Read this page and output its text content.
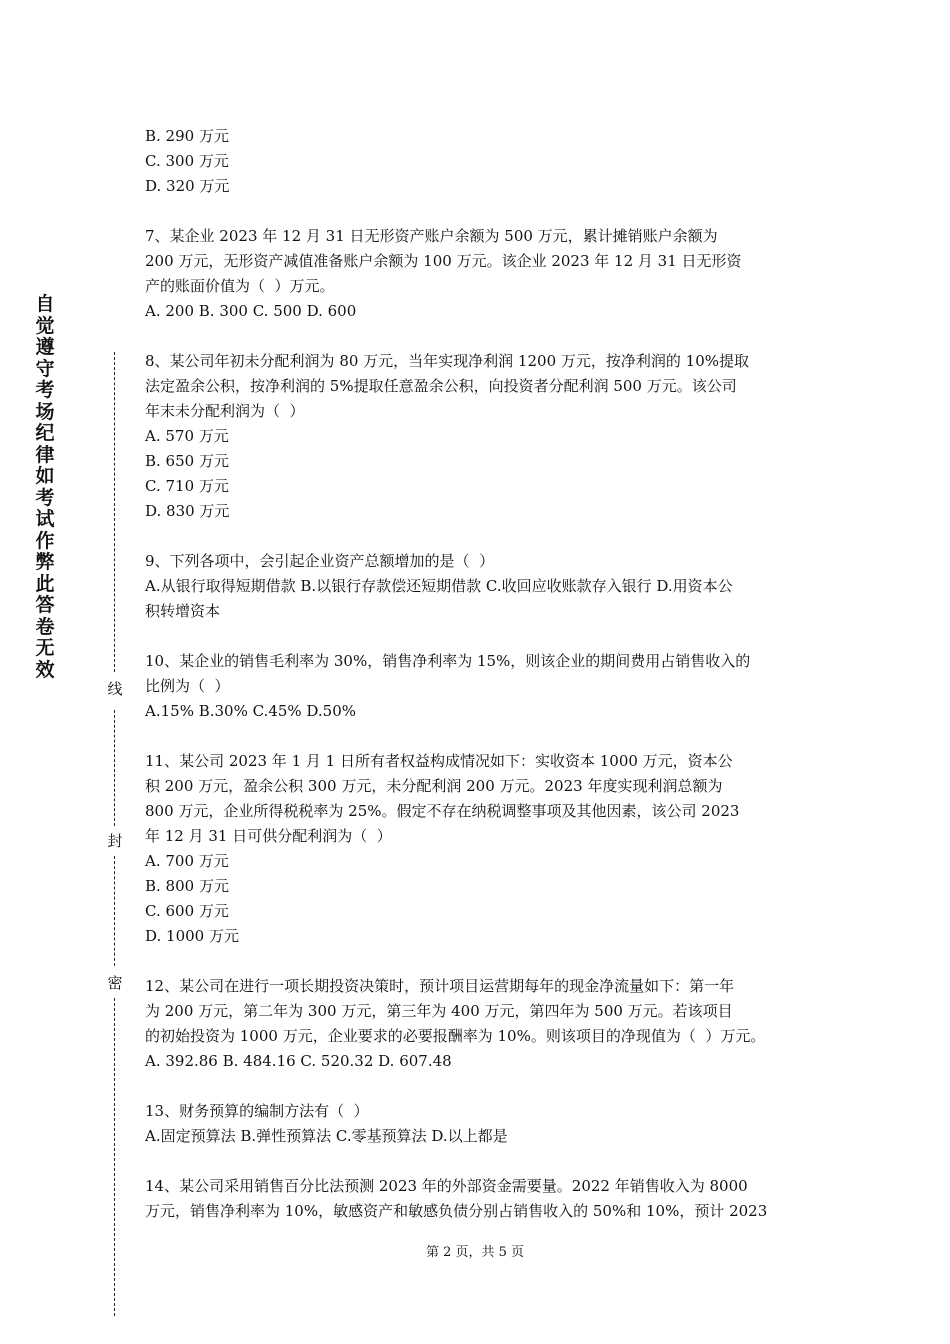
自觉遵守考场纪律如考试作弊此答卷无效
线
封
密
B. 290 万元
C. 300 万元
D. 320 万元
7、某企业 2023 年 12 月 31 日无形资产账户余额为 500 万元，累计摊销账户余额为
200 万元，无形资产减值准备账户余额为 100 万元。该企业 2023 年 12 月 31 日无形资
产的账面价值为（  ）万元。
A. 200 B. 300 C. 500 D. 600
8、某公司年初未分配利润为 80 万元，当年实现净利润 1200 万元，按净利润的 10%提取
法定盈余公积，按净利润的 5%提取任意盈余公积，向投资者分配利润 500 万元。该公司
年末未分配利润为（  ）
A. 570 万元
B. 650 万元
C. 710 万元
D. 830 万元
9、下列各项中，会引起企业资产总额增加的是（  ）
A.从银行取得短期借款 B.以银行存款偿还短期借款 C.收回应收账款存入银行 D.用资本公
积转增资本
10、某企业的销售毛利率为 30%，销售净利率为 15%，则该企业的期间费用占销售收入的
比例为（  ）
A.15% B.30% C.45% D.50%
11、某公司 2023 年 1 月 1 日所有者权益构成情况如下：实收资本 1000 万元，资本公
积 200 万元，盈余公积 300 万元，未分配利润 200 万元。2023 年度实现利润总额为
800 万元，企业所得税税率为 25%。假定不存在纳税调整事项及其他因素，该公司 2023
年 12 月 31 日可供分配利润为（  ）
A. 700 万元
B. 800 万元
C. 600 万元
D. 1000 万元
12、某公司在进行一项长期投资决策时，预计项目运营期每年的现金净流量如下：第一年
为 200 万元，第二年为 300 万元，第三年为 400 万元，第四年为 500 万元。若该项目
的初始投资为 1000 万元，企业要求的必要报酬率为 10%。则该项目的净现值为（  ）万元。
A. 392.86 B. 484.16 C. 520.32 D. 607.48
13、财务预算的编制方法有（  ）
A.固定预算法 B.弹性预算法 C.零基预算法 D.以上都是
14、某公司采用销售百分比法预测 2023 年的外部资金需要量。2022 年销售收入为 8000
万元，销售净利率为 10%，敏感资产和敏感负债分别占销售收入的 50%和 10%，预计 2023
第 2 页，共 5 页
